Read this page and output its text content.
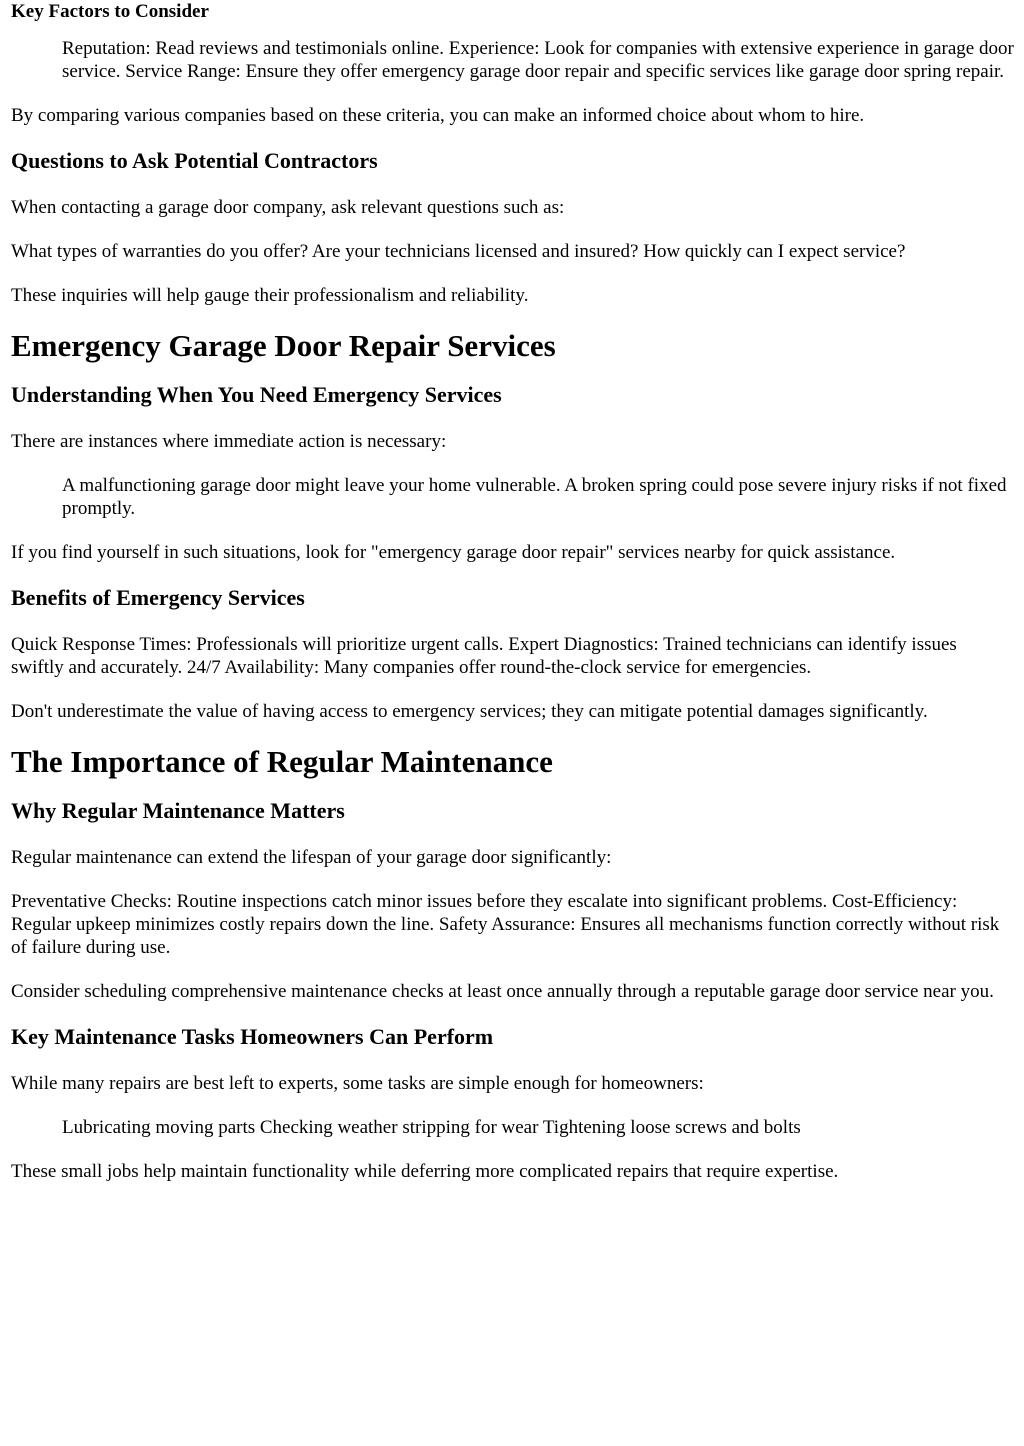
Key Factors to Consider
Reputation: Read reviews and testimonials online. Experience: Look for companies with extensive experience in garage door service. Service Range: Ensure they offer emergency garage door repair and specific services like garage door spring repair.

By comparing various companies based on these criteria, you can make an informed choice about whom to hire.

Questions to Ask Potential Contractors

When contacting a garage door company, ask relevant questions such as:

What types of warranties do you offer? Are your technicians licensed and insured? How quickly can I expect service?

These inquiries will help gauge their professionalism and reliability.

Emergency Garage Door Repair Services
Understanding When You Need Emergency Services

There are instances where immediate action is necessary:

A malfunctioning garage door might leave your home vulnerable. A broken spring could pose severe injury risks if not fixed promptly.

If you find yourself in such situations, look for "emergency garage door repair" services nearby for quick assistance.

Benefits of Emergency Services

Quick Response Times: Professionals will prioritize urgent calls. Expert Diagnostics: Trained technicians can identify issues swiftly and accurately. 24/7 Availability: Many companies offer round-the-clock service for emergencies.

Don't underestimate the value of having access to emergency services; they can mitigate potential damages significantly.

The Importance of Regular Maintenance
Why Regular Maintenance Matters

Regular maintenance can extend the lifespan of your garage door significantly:

Preventative Checks: Routine inspections catch minor issues before they escalate into significant problems. Cost-Efficiency: Regular upkeep minimizes costly repairs down the line. Safety Assurance: Ensures all mechanisms function correctly without risk of failure during use.

Consider scheduling comprehensive maintenance checks at least once annually through a reputable garage door service near you.

Key Maintenance Tasks Homeowners Can Perform

While many repairs are best left to experts, some tasks are simple enough for homeowners:

Lubricating moving parts Checking weather stripping for wear Tightening loose screws and bolts

These small jobs help maintain functionality while deferring more complicated repairs that require expertise.
